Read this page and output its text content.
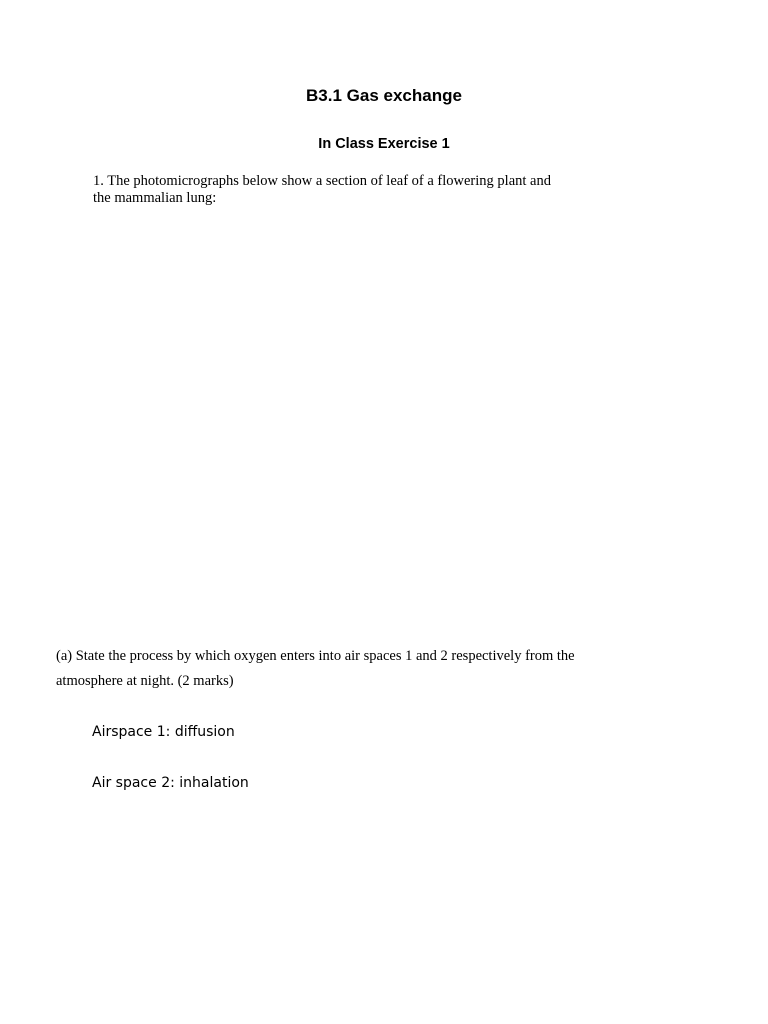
B3.1 Gas exchange
In Class Exercise 1

1. The photomicrographs below show a section of leaf of a flowering plant and
the mammalian lung:

(a) State the process by which oxygen enters into air spaces 1 and 2 respectively from the
atmosphere at night. (2 marks)

Airspace 1: diffusion

Air space 2: inhalation
